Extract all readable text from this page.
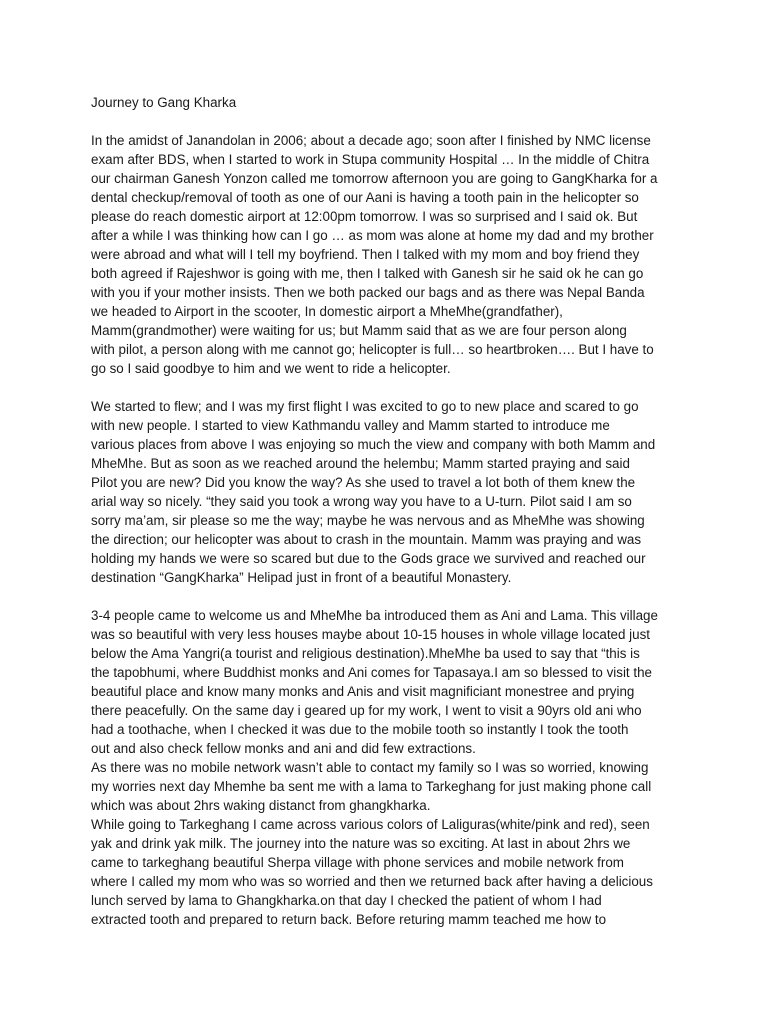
Journey to Gang Kharka

In the amidst of Janandolan in 2006; about a decade ago; soon after I finished by NMC license
exam after BDS, when I started to work in Stupa community Hospital … In the middle of Chitra
our chairman Ganesh Yonzon called me tomorrow afternoon you are going to GangKharka for a
dental checkup/removal of tooth as one of our Aani is having a tooth pain in the helicopter so
please do reach domestic airport at 12:00pm tomorrow. I was so surprised and I said ok. But
after a while I was thinking how can I go … as mom was alone at home my dad and my brother
were abroad and what will I tell my boyfriend. Then I talked with my mom and boy friend they
both agreed if Rajeshwor is going with me, then I talked with Ganesh sir he said ok he can go
with you if your mother insists. Then we both packed our bags and as there was Nepal Banda
we headed to Airport in the scooter, In domestic airport a MheMhe(grandfather),
Mamm(grandmother) were waiting for us; but Mamm said that as we are four person along
with pilot, a person along with me cannot go; helicopter is full… so heartbroken…. But I have to
go so I said goodbye to him and we went to ride a helicopter.

We started to flew; and I was my first flight I was excited to go to new place and scared to go
with new people. I started to view Kathmandu valley and Mamm started to introduce me
various places from above I was enjoying so much the view and company with both Mamm and
MheMhe. But as soon as we reached around the helembu; Mamm started praying and said
Pilot you are new? Did you know the way? As she used to travel a lot both of them knew the
arial way so nicely. “they said you took a wrong way you have to a U-turn. Pilot said I am so
sorry ma’am, sir please so me the way; maybe he was nervous and as MheMhe was showing
the direction; our helicopter was about to crash in the mountain. Mamm was praying and was
holding my hands we were so scared but due to the Gods grace we survived and reached our
destination “GangKharka” Helipad just in front of a beautiful Monastery.

3-4 people came to welcome us and MheMhe ba introduced them as Ani and Lama. This village
was so beautiful with very less houses maybe about 10-15 houses in whole village located just
below the Ama Yangri(a tourist and religious destination).MheMhe ba used to say that “this is
the tapobhumi, where Buddhist monks and Ani comes for Tapasaya.I am so blessed to visit the
beautiful place and know many monks and Anis and visit magnificiant monestree and prying
there peacefully. On the same day i geared up for my work, I went to visit a 90yrs old ani who
had a toothache, when I checked it was due to the mobile tooth so instantly I took the tooth
out and also check fellow monks and ani and did few extractions.

As there was no mobile network wasn’t able to contact my family so I was so worried, knowing
my worries next day Mhemhe ba sent me with a lama to Tarkeghang for just making phone call
which was about 2hrs waking distanct from ghangkharka.

While going to Tarkeghang I came across various colors of Laliguras(white/pink and red), seen
yak and drink yak milk. The journey into the nature was so exciting. At last in about 2hrs we
came to tarkeghang beautiful Sherpa village with phone services and mobile network from
where I called my mom who was so worried and then we returned back after having a delicious
lunch served by lama to Ghangkharka.on that day I checked the patient of whom I had
extracted tooth and prepared to return back. Before returing mamm teached me how to
